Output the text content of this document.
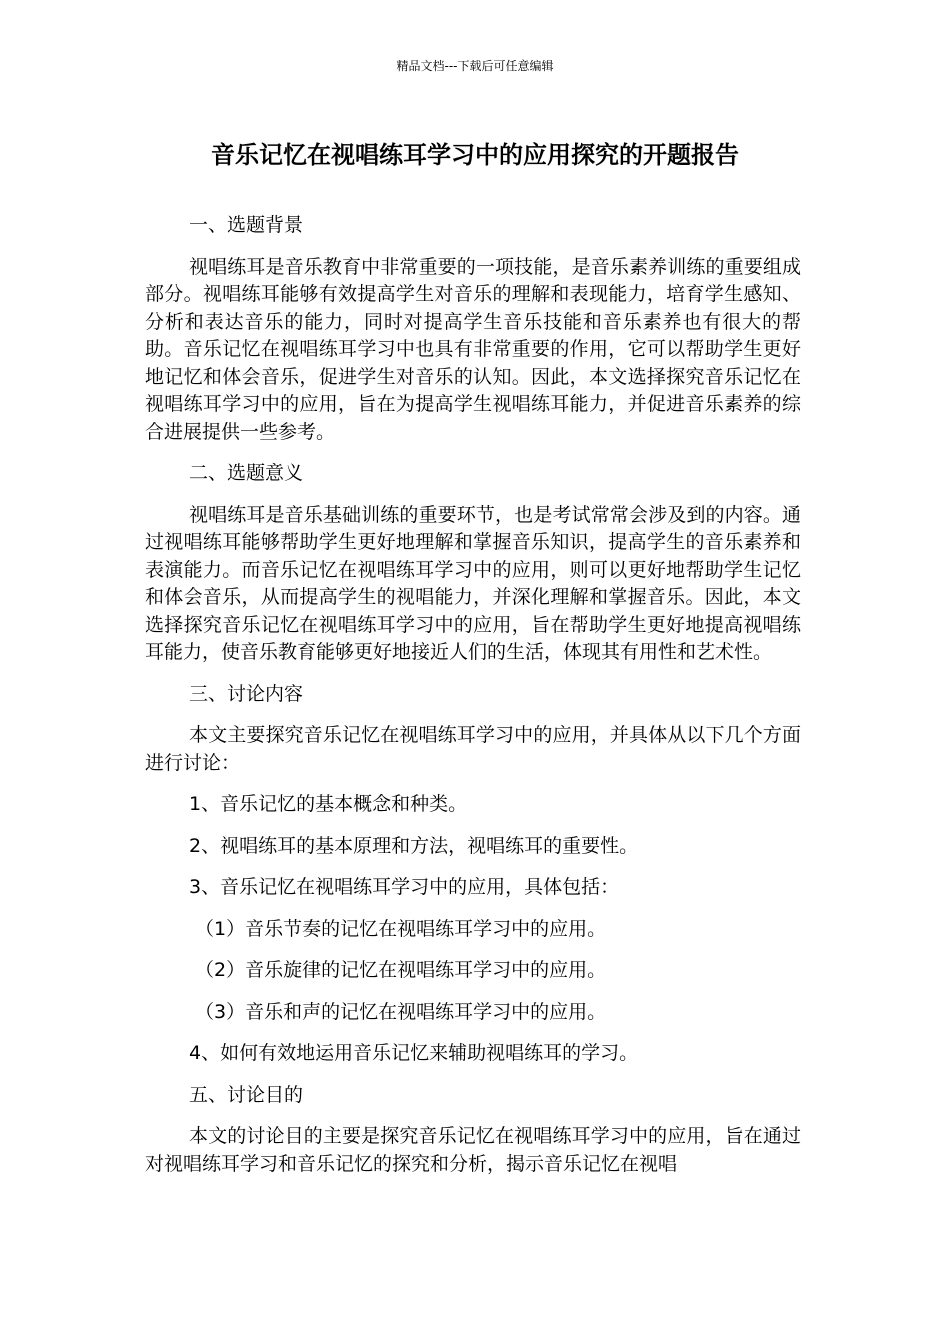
精品文档---下载后可任意编辑
音乐记忆在视唱练耳学习中的应用探究的开题报告

一、选题背景

视唱练耳是音乐教育中非常重要的一项技能，是音乐素养训练的重要组成部分。视唱练耳能够有效提高学生对音乐的理解和表现能力，培育学生感知、分析和表达音乐的能力，同时对提高学生音乐技能和音乐素养也有很大的帮助。音乐记忆在视唱练耳学习中也具有非常重要的作用，它可以帮助学生更好地记忆和体会音乐，促进学生对音乐的认知。因此，本文选择探究音乐记忆在视唱练耳学习中的应用，旨在为提高学生视唱练耳能力，并促进音乐素养的综合进展提供一些参考。

二、选题意义

视唱练耳是音乐基础训练的重要环节，也是考试常常会涉及到的内容。通过视唱练耳能够帮助学生更好地理解和掌握音乐知识，提高学生的音乐素养和表演能力。而音乐记忆在视唱练耳学习中的应用，则可以更好地帮助学生记忆和体会音乐，从而提高学生的视唱能力，并深化理解和掌握音乐。因此，本文选择探究音乐记忆在视唱练耳学习中的应用，旨在帮助学生更好地提高视唱练耳能力，使音乐教育能够更好地接近人们的生活，体现其有用性和艺术性。

三、讨论内容

本文主要探究音乐记忆在视唱练耳学习中的应用，并具体从以下几个方面进行讨论：

1、音乐记忆的基本概念和种类。

2、视唱练耳的基本原理和方法，视唱练耳的重要性。

3、音乐记忆在视唱练耳学习中的应用，具体包括：

（1）音乐节奏的记忆在视唱练耳学习中的应用。

（2）音乐旋律的记忆在视唱练耳学习中的应用。

（3）音乐和声的记忆在视唱练耳学习中的应用。

4、如何有效地运用音乐记忆来辅助视唱练耳的学习。

五、讨论目的

本文的讨论目的主要是探究音乐记忆在视唱练耳学习中的应用，旨在通过对视唱练耳学习和音乐记忆的探究和分析，揭示音乐记忆在视唱
